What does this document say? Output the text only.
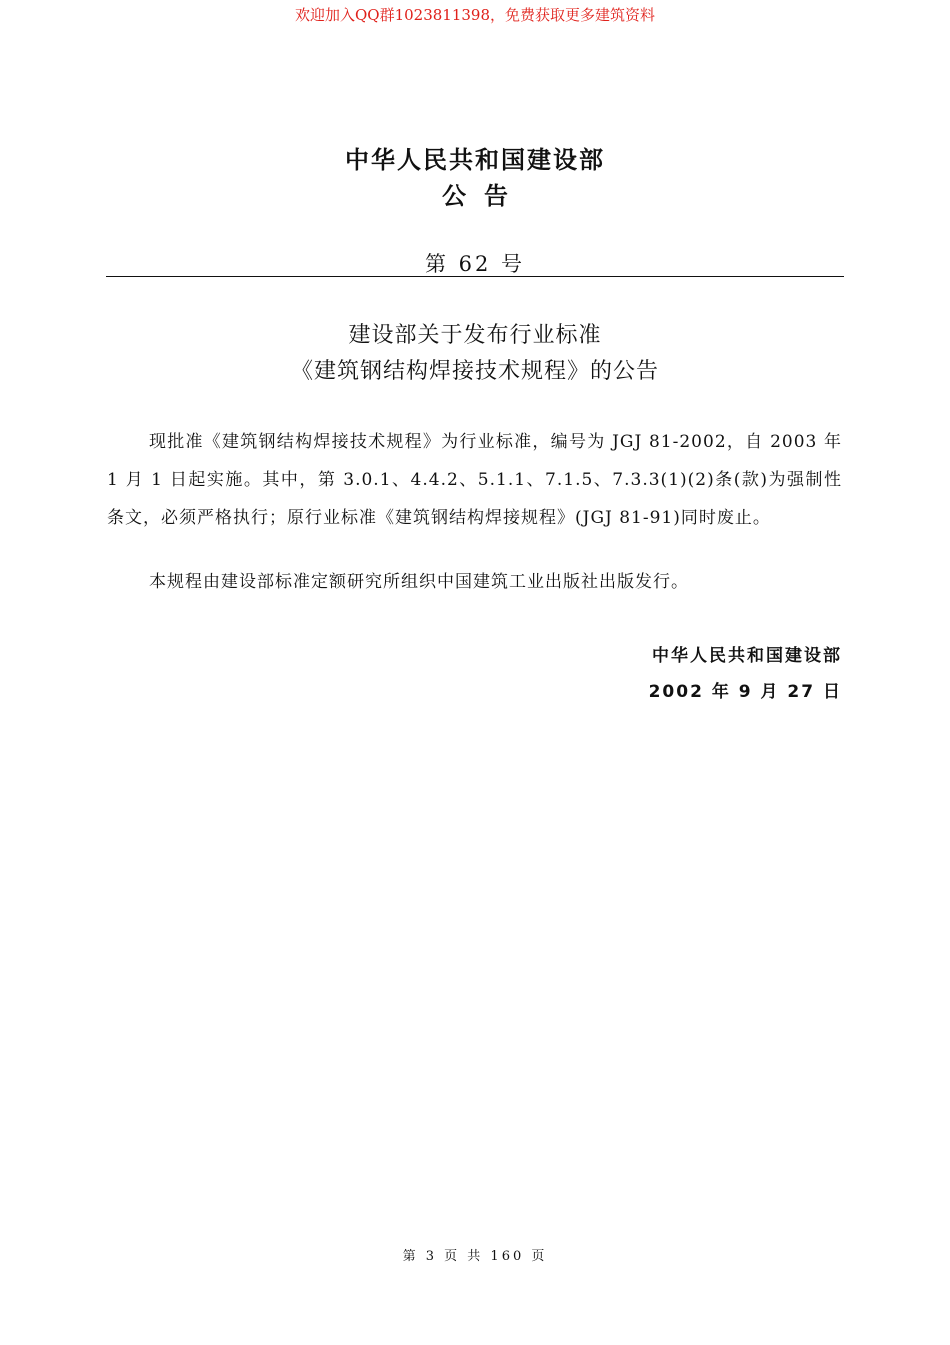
欢迎加入QQ群1023811398，免费获取更多建筑资料
中华人民共和国建设部
公告
第 62 号
建设部关于发布行业标准
《建筑钢结构焊接技术规程》的公告
现批准《建筑钢结构焊接技术规程》为行业标准，编号为 JGJ 81-2002，自 2003 年 1 月 1 日起实施。其中，第 3.0.1、4.4.2、5.1.1、7.1.5、7.3.3(1)(2)条(款)为强制性条文，必须严格执行；原行业标准《建筑钢结构焊接规程》(JGJ 81-91)同时废止。
本规程由建设部标准定额研究所组织中国建筑工业出版社出版发行。
中华人民共和国建设部
2002 年 9 月 27 日
第 3 页 共 160 页
